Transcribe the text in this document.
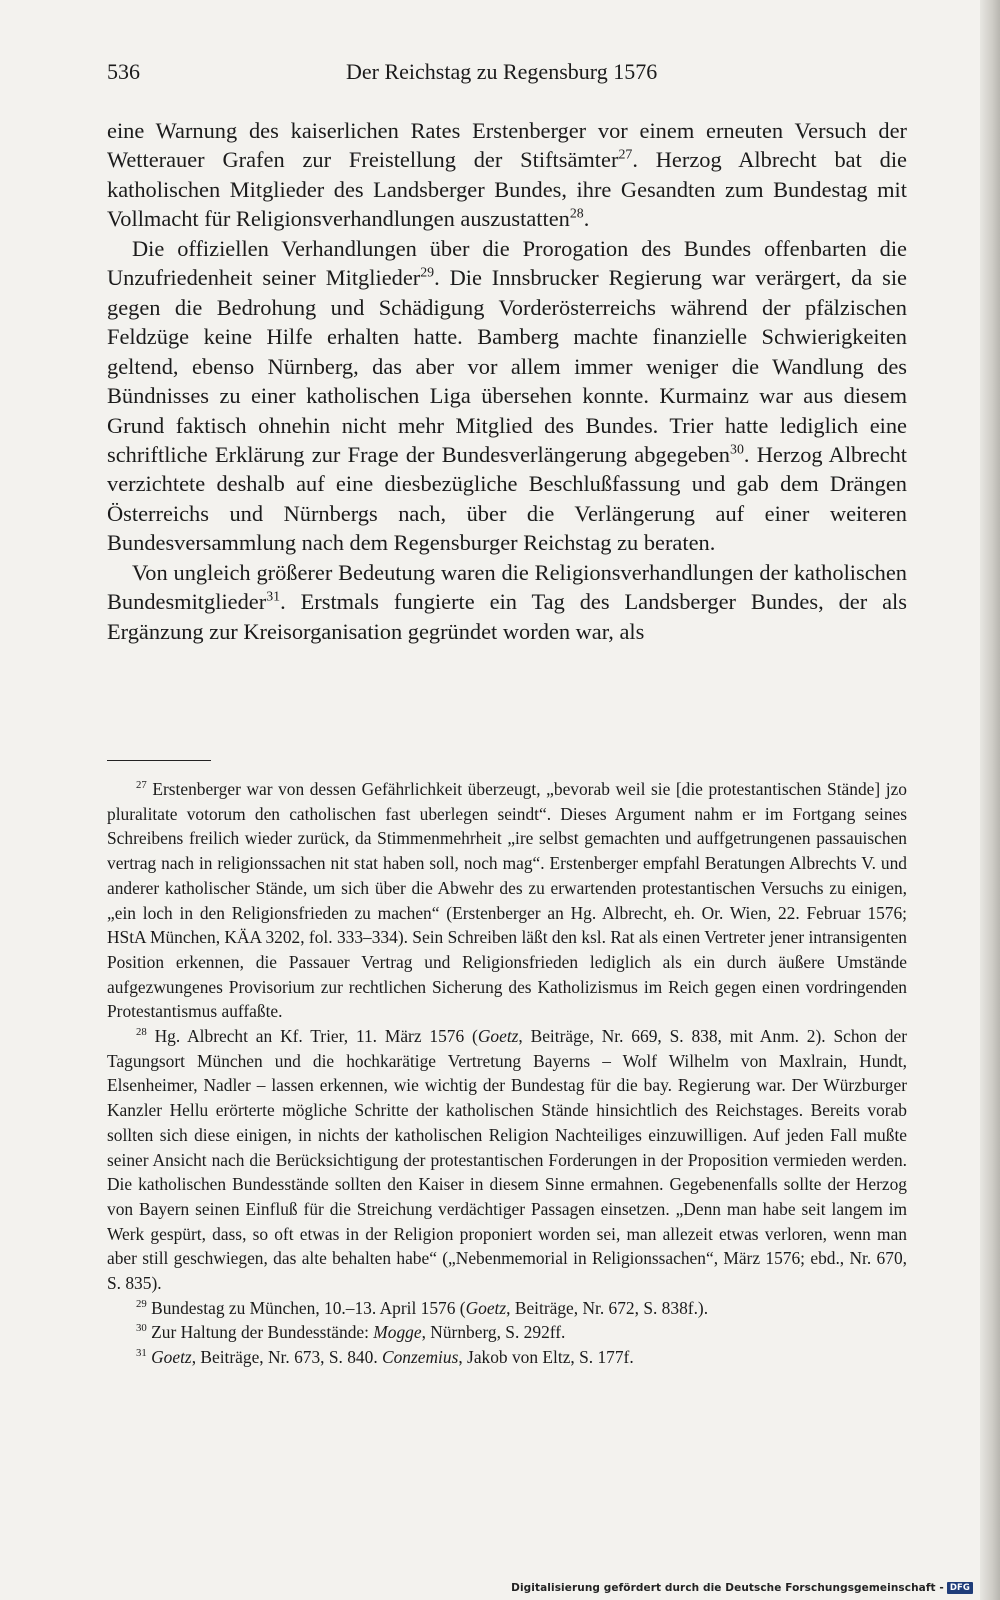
536	Der Reichstag zu Regensburg 1576

eine Warnung des kaiserlichen Rates Erstenberger vor einem erneuten Versuch der Wetterauer Grafen zur Freistellung der Stiftsämter$^{27}$. Herzog Albrecht bat die katholischen Mitglieder des Landsberger Bundes, ihre Gesandten zum Bundestag mit Vollmacht für Religionsverhandlungen auszustatten$^{28}$.

Die offiziellen Verhandlungen über die Prorogation des Bundes offenbarten die Unzufriedenheit seiner Mitglieder$^{29}$. Die Innsbrucker Regierung war verärgert, da sie gegen die Bedrohung und Schädigung Vorderösterreichs während der pfälzischen Feldzüge keine Hilfe erhalten hatte. Bamberg machte finanzielle Schwierigkeiten geltend, ebenso Nürnberg, das aber vor allem immer weniger die Wandlung des Bündnisses zu einer katholischen Liga übersehen konnte. Kurmainz war aus diesem Grund faktisch ohnehin nicht mehr Mitglied des Bundes. Trier hatte lediglich eine schriftliche Erklärung zur Frage der Bundesverlängerung abgegeben$^{30}$. Herzog Albrecht verzichtete deshalb auf eine diesbezügliche Beschlußfassung und gab dem Drängen Österreichs und Nürnbergs nach, über die Verlängerung auf einer weiteren Bundesversammlung nach dem Regensburger Reichstag zu beraten.

Von ungleich größerer Bedeutung waren die Religionsverhandlungen der katholischen Bundesmitglieder$^{31}$. Erstmals fungierte ein Tag des Landsberger Bundes, der als Ergänzung zur Kreisorganisation gegründet worden war, als

$^{27}$ Erstenberger war von dessen Gefährlichkeit überzeugt, „bevorab weil sie [die protestantischen Stände] jzo pluralitate votorum den catholischen fast uberlegen seindt“. Dieses Argument nahm er im Fortgang seines Schreibens freilich wieder zurück, da Stimmenmehrheit „ire selbst gemachten und auffgetrungenen passauischen vertrag nach in religionssachen nit stat haben soll, noch mag“. Erstenberger empfahl Beratungen Albrechts V. und anderer katholischer Stände, um sich über die Abwehr des zu erwartenden protestantischen Versuchs zu einigen, „ein loch in den Religionsfrieden zu machen“ (Erstenberger an Hg. Albrecht, eh. Or. Wien, 22. Februar 1576; HStA München, KÄA 3202, fol. 333–334). Sein Schreiben läßt den ksl. Rat als einen Vertreter jener intransigenten Position erkennen, die Passauer Vertrag und Religionsfrieden lediglich als ein durch äußere Umstände aufgezwungenes Provisorium zur rechtlichen Sicherung des Katholizismus im Reich gegen einen vordringenden Protestantismus auffaßte.

$^{28}$ Hg. Albrecht an Kf. Trier, 11. März 1576 (Goetz, Beiträge, Nr. 669, S. 838, mit Anm. 2). Schon der Tagungsort München und die hochkarätige Vertretung Bayerns – Wolf Wilhelm von Maxlrain, Hundt, Elsenheimer, Nadler – lassen erkennen, wie wichtig der Bundestag für die bay. Regierung war. Der Würzburger Kanzler Hellu erörterte mögliche Schritte der katholischen Stände hinsichtlich des Reichstages. Bereits vorab sollten sich diese einigen, in nichts der katholischen Religion Nachteiliges einzuwilligen. Auf jeden Fall mußte seiner Ansicht nach die Berücksichtigung der protestantischen Forderungen in der Proposition vermieden werden. Die katholischen Bundesstände sollten den Kaiser in diesem Sinne ermahnen. Gegebenenfalls sollte der Herzog von Bayern seinen Einfluß für die Streichung verdächtiger Passagen einsetzen. „Denn man habe seit langem im Werk gespürt, dass, so oft etwas in der Religion proponiert worden sei, man allezeit etwas verloren, wenn man aber still geschwiegen, das alte behalten habe“ („Nebenmemorial in Religionssachen“, März 1576; ebd., Nr. 670, S. 835).

$^{29}$ Bundestag zu München, 10.–13. April 1576 (Goetz, Beiträge, Nr. 672, S. 838f.).

$^{30}$ Zur Haltung der Bundesstände: Mogge, Nürnberg, S. 292ff.

$^{31}$ Goetz, Beiträge, Nr. 673, S. 840. Conzemius, Jakob von Eltz, S. 177f.

Digitalisierung gefördert durch die Deutsche Forschungsgemeinschaft - DFG
